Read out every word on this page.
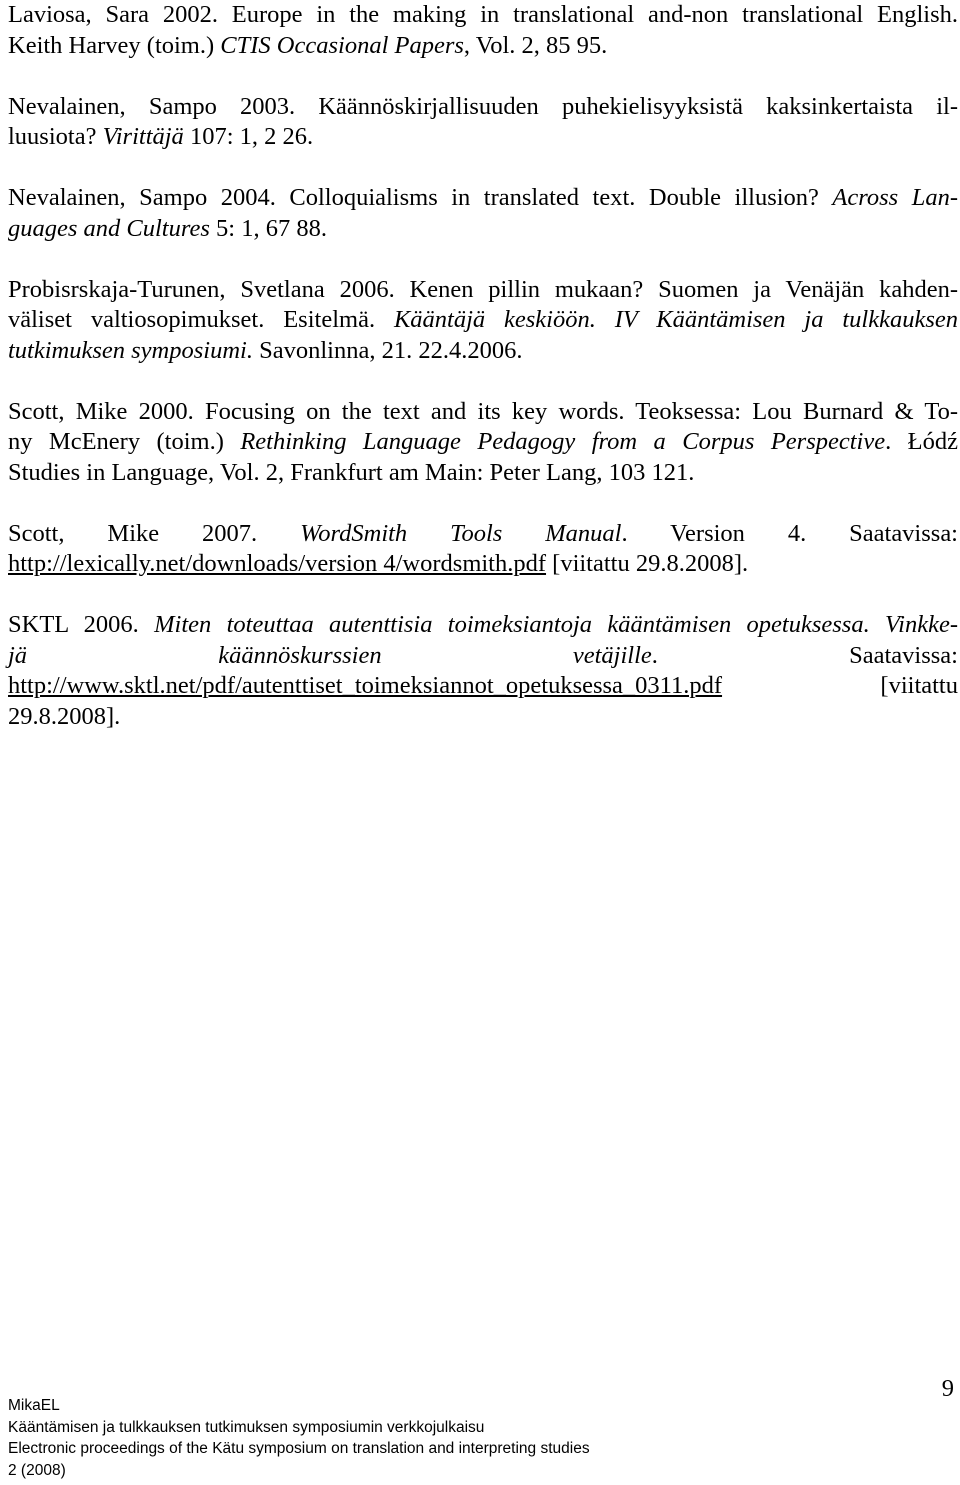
Laviosa, Sara 2002. Europe in the making in translational and-non translational English.
Keith Harvey (toim.) CTIS Occasional Papers, Vol. 2, 85 95.
Nevalainen, Sampo 2003. Käännöskirjallisuuden puhekielisyyksistä kaksinkertaista il-
luusiota? Virittäjä 107: 1, 2 26.
Nevalainen, Sampo 2004. Colloquialisms in translated text. Double illusion? Across Lan-
guages and Cultures 5: 1, 67 88.
Probisrskaja-Turunen, Svetlana 2006. Kenen pillin mukaan? Suomen ja Venäjän kahden-
väliset valtiosopimukset. Esitelmä. Kääntäjä keskiöön. IV Kääntämisen ja tulkkauksen
tutkimuksen symposiumi. Savonlinna, 21. 22.4.2006.
Scott, Mike 2000. Focusing on the text and its key words. Teoksessa: Lou Burnard & To-
ny McEnery (toim.) Rethinking Language Pedagogy from a Corpus Perspective. Łódź
Studies in Language, Vol. 2, Frankfurt am Main: Peter Lang, 103 121.
Scott, Mike 2007. WordSmith Tools Manual. Version 4. Saatavissa:
http://lexically.net/downloads/version 4/wordsmith.pdf [viitattu 29.8.2008].
SKTL 2006. Miten toteuttaa autenttisia toimeksiantoja kääntämisen opetuksessa. Vinkke-
jä käännöskurssien vetäjille. Saatavissa:
http://www.sktl.net/pdf/autenttiset_toimeksiannot_opetuksessa_0311.pdf [viitattu
29.8.2008].
9
MikaEL
Kääntämisen ja tulkkauksen tutkimuksen symposiumin verkkojulkaisu
Electronic proceedings of the Kätu symposium on translation and interpreting studies
2 (2008)
